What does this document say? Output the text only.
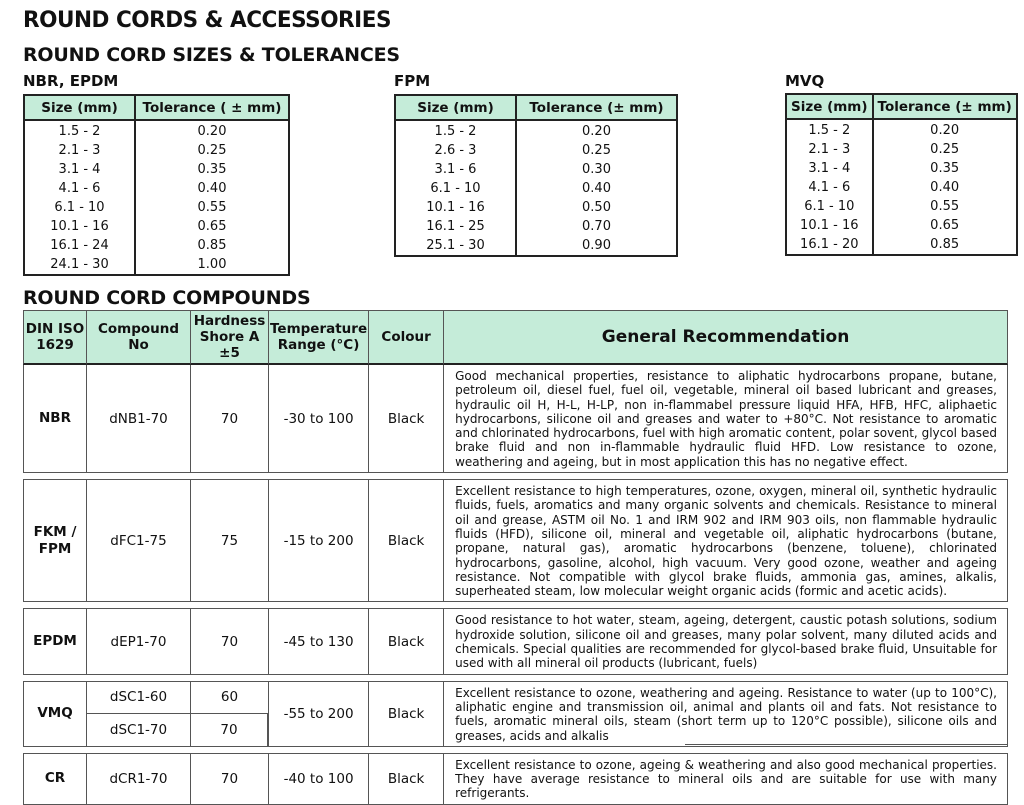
ROUND CORDS & ACCESSORIES
ROUND CORD SIZES & TOLERANCES
NBR, EPDM
Size (mm)	Tolerance ( ± mm)
1.5 - 2	0.20
2.1 - 3	0.25
3.1 - 4	0.35
4.1 - 6	0.40
6.1 - 10	0.55
10.1 - 16	0.65
16.1 - 24	0.85
24.1 - 30	1.00
FPM
Size (mm)	Tolerance (± mm)
1.5 - 2	0.20
2.6 - 3	0.25
3.1 - 6	0.30
6.1 - 10	0.40
10.1 - 16	0.50
16.1 - 25	0.70
25.1 - 30	0.90
MVQ
Size (mm)	Tolerance (± mm)
1.5 - 2	0.20
2.1 - 3	0.25
3.1 - 4	0.35
4.1 - 6	0.40
6.1 - 10	0.55
10.1 - 16	0.65
16.1 - 20	0.85
ROUND CORD COMPOUNDS
DIN ISO 1629	Compound No	Hardness Shore A ±5	Temperature Range (°C)	Colour	General Recommendation
NBR	dNB1-70	70	-30 to 100	Black	Good mechanical properties, resistance to aliphatic hydrocarbons propane, butane, petroleum oil, diesel fuel, fuel oil, vegetable, mineral oil based lubricant and greases, hydraulic oil H, H-L, H-LP, non in-flammabel pressure liquid HFA, HFB, HFC, aliphaetic hydrocarbons, silicone oil and greases and water to +80°C. Not resistance to aromatic and chlorinated hydrocarbons, fuel with high aromatic content, polar sovent, glycol based brake fluid and non in-flammable hydraulic fluid HFD. Low resistance to ozone, weathering and ageing, but in most application this has no negative effect.

FKM / FPM	dFC1-75	75	-15 to 200	Black	Excellent resistance to high temperatures, ozone, oxygen, mineral oil, synthetic hydraulic fluids, fuels, aromatics and many organic solvents and chemicals. Resistance to mineral oil and grease, ASTM oil No. 1 and IRM 902 and IRM 903 oils, non flammable hydraulic fluids (HFD), silicone oil, mineral and vegetable oil, aliphatic hydrocarbons (butane, propane, natural gas), aromatic hydrocarbons (benzene, toluene), chlorinated hydrocarbons, gasoline, alcohol, high vacuum. Very good ozone, weather and ageing resistance. Not compatible with glycol brake fluids, ammonia gas, amines, alkalis, superheated steam, low molecular weight organic acids (formic and acetic acids).

EPDM	dEP1-70	70	-45 to 130	Black	Good resistance to hot water, steam, ageing, detergent, caustic potash solutions, sodium hydroxide solution, silicone oil and greases, many polar solvent, many diluted acids and chemicals. Special qualities are recommended for glycol-based brake fluid, Unsuitable for used with all mineral oil products (lubricant, fuels)

VMQ	dSC1-60	60	-55 to 200	Black	Excellent resistance to ozone, weathering and ageing. Resistance to water (up to 100°C), aliphatic engine and transmission oil, animal and plants oil and fats. Not resistance to fuels, aromatic mineral oils, steam (short term up to 120°C possible), silicone oils and greases, acids and alkalis
	dSC1-70	70			

CR	dCR1-70	70	-40 to 100	Black	Excellent resistance to ozone, ageing & weathering and also good mechanical properties. They have average resistance to mineral oils and are suitable for use with many refrigerants.
